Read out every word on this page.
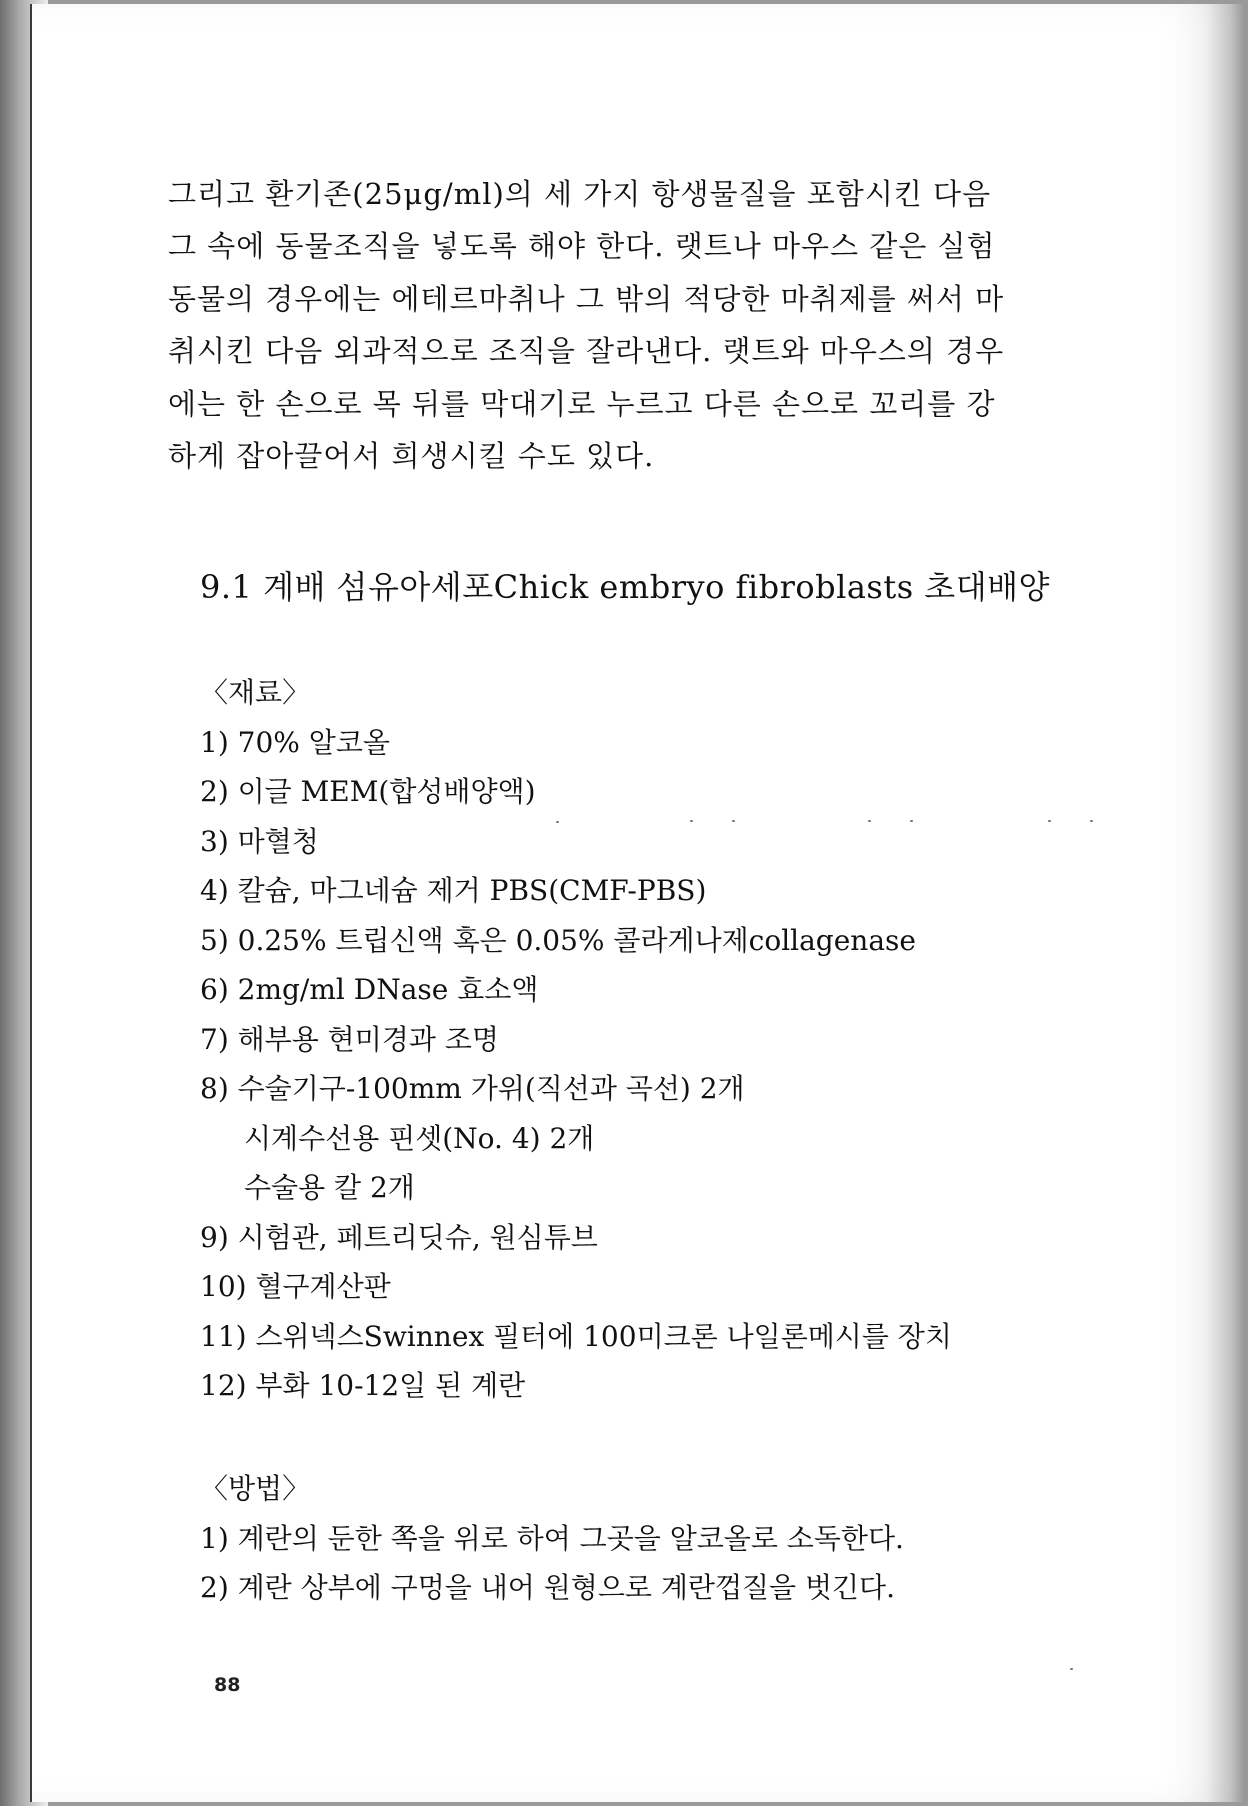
그리고 환기존(25μg/ml)의 세 가지 항생물질을 포함시킨 다음
그 속에 동물조직을 넣도록 해야 한다. 랫트나 마우스 같은 실험
동물의 경우에는 에테르마취나 그 밖의 적당한 마취제를 써서 마
취시킨 다음 외과적으로 조직을 잘라낸다. 랫트와 마우스의 경우
에는 한 손으로 목 뒤를 막대기로 누르고 다른 손으로 꼬리를 강
하게 잡아끌어서 희생시킬 수도 있다.

9.1 계배 섬유아세포Chick embryo fibroblasts 초대배양
〈재료〉
1) 70% 알코올
2) 이글 MEM(합성배양액)
3) 마혈청
4) 칼슘, 마그네슘 제거 PBS(CMF-PBS)
5) 0.25% 트립신액 혹은 0.05% 콜라게나제collagenase
6) 2mg/ml DNase 효소액
7) 해부용 현미경과 조명
8) 수술기구-100mm 가위(직선과 곡선) 2개
시계수선용 핀셋(No. 4) 2개
수술용 칼 2개
9) 시험관, 페트리딧슈, 원심튜브
10) 혈구계산판
11) 스위넥스Swinnex 필터에 100미크론 나일론메시를 장치
12) 부화 10-12일 된 계란
〈방법〉
1) 계란의 둔한 쪽을 위로 하여 그곳을 알코올로 소독한다.
2) 계란 상부에 구멍을 내어 원형으로 계란껍질을 벗긴다.
88
